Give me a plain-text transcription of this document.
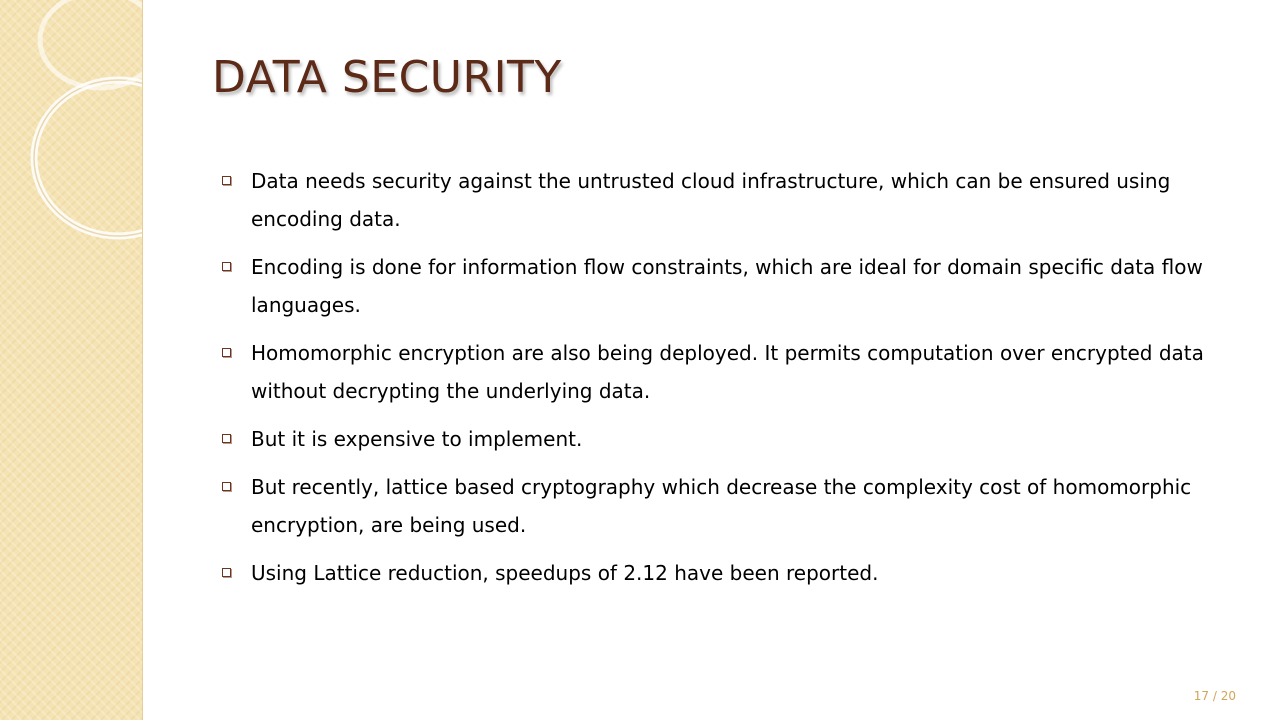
DATA SECURITY
Data needs security against the untrusted cloud infrastructure, which can be ensured using encoding data.
Encoding is done for information flow constraints, which are ideal for domain specific data flow languages.
Homomorphic encryption are also being deployed. It permits computation over encrypted data without decrypting the underlying data.
But it is expensive to implement.
But recently, lattice based cryptography which decrease the complexity cost of homomorphic encryption, are being used.
Using Lattice reduction, speedups of 2.12 have been reported.
17 / 20
